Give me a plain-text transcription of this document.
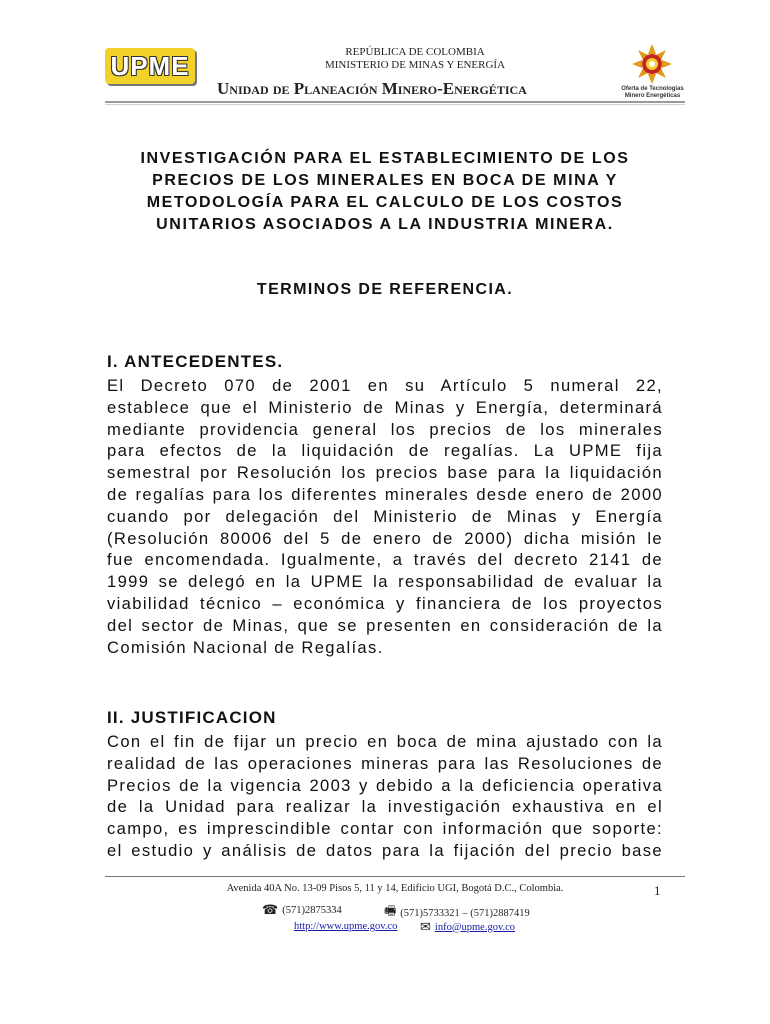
UPME	REPÚBLICA DE COLOMBIA
MINISTERIO DE MINAS Y ENERGÍA
Unidad de Planeación Minero-Energética	Oferta de Tecnologías Minero Energéticas
INVESTIGACIÓN PARA EL ESTABLECIMIENTO DE LOS
PRECIOS DE LOS MINERALES EN BOCA DE MINA Y
METODOLOGÍA PARA EL CALCULO DE LOS COSTOS
UNITARIOS ASOCIADOS A LA INDUSTRIA MINERA.
TERMINOS DE REFERENCIA.
I. ANTECEDENTES.
El Decreto 070 de 2001 en su Artículo 5 numeral 22,
establece que el Ministerio de Minas y Energía, determinará
mediante providencia general los precios de los minerales
para efectos de la liquidación de regalías. La UPME fija
semestral por Resolución los precios base para la liquidación
de regalías para los diferentes minerales desde enero de 2000
cuando por delegación del Ministerio de Minas y Energía
(Resolución 80006 del 5 de enero de 2000) dicha misión le
fue encomendada. Igualmente, a través del decreto 2141 de
1999 se delegó en la UPME la responsabilidad de evaluar la
viabilidad técnico – económica y financiera de los proyectos
del sector de Minas, que se presenten en consideración de la
Comisión Nacional de Regalías.
II. JUSTIFICACION
Con el fin de fijar un precio en boca de mina ajustado con la
realidad de las operaciones mineras para las Resoluciones de
Precios de la vigencia 2003 y debido a la deficiencia operativa
de la Unidad para realizar la investigación exhaustiva en el
campo, es imprescindible contar con información que soporte:
el estudio y análisis de datos para la fijación del precio base
Avenida 40A No. 13-09 Pisos 5, 11 y 14, Edificio UGI, Bogotá D.C., Colombia.	1
☎ (571)2875334	🖷 (571)5733321 – (571)2887419
http://www.upme.gov.co ✉ info@upme.gov.co
